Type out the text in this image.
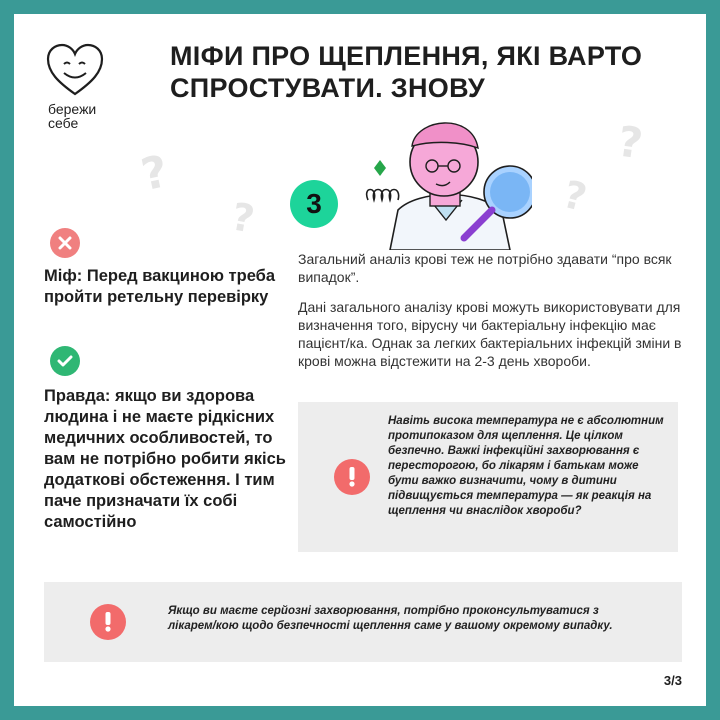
бережи
себе
МІФИ ПРО ЩЕПЛЕННЯ, ЯКІ ВАРТО СПРОСТУВАТИ. ЗНОВУ
?
?	?
?
3
Міф: Перед вакциною треба пройти ретельну перевірку
Правда: якщо ви здорова людина і не маєте рідкісних медичних особливостей, то вам не потрібно робити якісь додаткові обстеження. І тим паче призначати їх собі самостійно
Загальний аналіз крові теж не потрібно здавати “про всяк випадок”.
Дані загального аналізу крові можуть використовувати для визначення того, вірусну чи бактеріальну інфекцію має пацієнт/ка. Однак за легких бактеріальних інфекцій зміни в крові можна відстежити на 2-3 день хвороби.
Навіть висока температура не є абсолютним протипоказом для щеплення. Це цілком безпечно. Важкі інфекційні захворювання є пересторогою, бо лікарям і батькам може бути важко визначити, чому в дитини підвищується температура — як реакція на щеплення чи внаслідок хвороби?
Якщо ви маєте серйозні захворювання, потрібно проконсультуватися з лікарем/кою щодо безпечності щеплення саме у вашому окремому випадку.
3/3
